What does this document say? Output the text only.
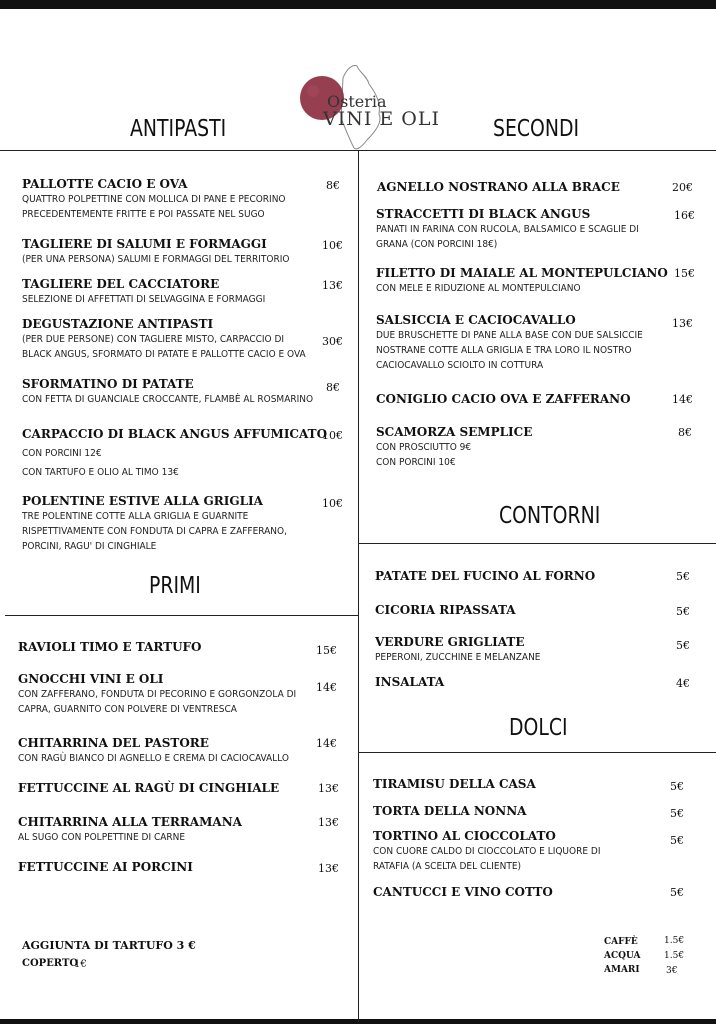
Osteria
VINI E OLI
ANTIPASTI	SECONDI
PRIMI
CONTORNI
DOLCI
PALLOTTE CACIO E OVA
QUATTRO POLPETTINE CON MOLLICA DI PANE E PECORINO PRECEDENTEMENTE FRITTE E POI PASSATE NEL SUGO
8€
TAGLIERE DI SALUMI E FORMAGGI
(PER UNA PERSONA) SALUMI E FORMAGGI DEL TERRITORIO
10€
TAGLIERE DEL CACCIATORE
SELEZIONE DI AFFETTATI DI SELVAGGINA E FORMAGGI
13€
DEGUSTAZIONE ANTIPASTI
(PER DUE PERSONE) CON TAGLIERE MISTO, CARPACCIO DI BLACK ANGUS, SFORMATO DI PATATE E PALLOTTE CACIO E OVA
30€
SFORMATINO DI PATATE
CON FETTA DI GUANCIALE CROCCANTE, FLAMBÈ AL ROSMARINO
8€
CARPACCIO DI BLACK ANGUS AFFUMICATO
CON PORCINI 12€
CON TARTUFO E OLIO AL TIMO 13€
10€
POLENTINE ESTIVE ALLA GRIGLIA
TRE POLENTINE COTTE ALLA GRIGLIA E GUARNITE RISPETTIVAMENTE CON FONDUTA DI CAPRA E ZAFFERANO, PORCINI, RAGU' DI CINGHIALE
10€
RAVIOLI TIMO E TARTUFO	15€
GNOCCHI VINI E OLI
CON ZAFFERANO, FONDUTA DI PECORINO E GORGONZOLA DI CAPRA, GUARNITO CON POLVERE DI VENTRESCA
14€
CHITARRINA DEL PASTORE
CON RAGÙ BIANCO DI AGNELLO E CREMA DI CACIOCAVALLO
14€
FETTUCCINE AL RAGÙ DI CINGHIALE	13€
CHITARRINA ALLA TERRAMANA
AL SUGO CON POLPETTINE DI CARNE
13€
FETTUCCINE AI PORCINI	13€
AGGIUNTA DI TARTUFO 3 €
COPERTO
1€
AGNELLO NOSTRANO ALLA BRACE	20€
STRACCETTI DI BLACK ANGUS
PANATI IN FARINA CON RUCOLA, BALSAMICO E SCAGLIE DI GRANA (CON PORCINI 18€)
16€
FILETTO DI MAIALE AL MONTEPULCIANO
CON MELE E RIDUZIONE AL MONTEPULCIANO
15€
SALSICCIA E CACIOCAVALLO
DUE BRUSCHETTE DI PANE ALLA BASE CON DUE SALSICCIE NOSTRANE COTTE ALLA GRIGLIA E TRA LORO IL NOSTRO CACIOCAVALLO SCIOLTO IN COTTURA
13€
CONIGLIO CACIO OVA E ZAFFERANO	14€
SCAMORZA SEMPLICE
CON PROSCIUTTO 9€
CON PORCINI 10€
8€
PATATE DEL FUCINO AL FORNO	5€
CICORIA RIPASSATA	5€
VERDURE GRIGLIATE
PEPERONI, ZUCCHINE E MELANZANE
5€
INSALATA	4€
TIRAMISU DELLA CASA	5€
TORTA DELLA NONNA	5€
TORTINO AL CIOCCOLATO
CON CUORE CALDO DI CIOCCOLATO E LIQUORE DI RATAFIA (A SCELTA DEL CLIENTE)
5€
CANTUCCI E VINO COTTO	5€
CAFFÈ	1.5€
ACQUA	1.5€
AMARI	3€
